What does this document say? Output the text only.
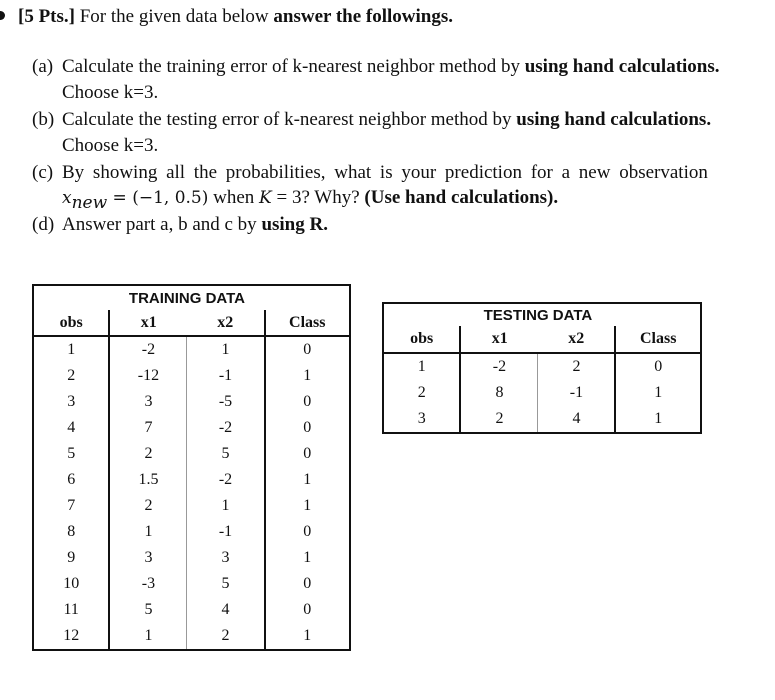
[5 Pts.] For the given data below answer the followings.
(a) Calculate the training error of k-nearest neighbor method by using hand calculations.
Choose k=3.
(b) Calculate the testing error of k-nearest neighbor method by using hand calculations.
Choose k=3.
(c) By showing all the probabilities, what is your prediction for a new observation
$x_{new} = (-1$, 0.5) when K = 3? Why? (Use hand calculations).
(d) Answer part a, b and c by using R.
	TRAINING DATA		
obs	x1	x2	Class
1	-2	1	0
2	-12	-1	1
3	3	-5	0
4	7	-2	0
5	2	5	0
6	1.5	-2	1
7	2	1	1
8	1	-1	0
9	3	3	1
10	-3	5	0
11	5	4	0
12	1	2	1
	TESTING DATA		
obs	x1	x2	Class
1	-2	2	0
2	8	-1	1
3	2	4	1
